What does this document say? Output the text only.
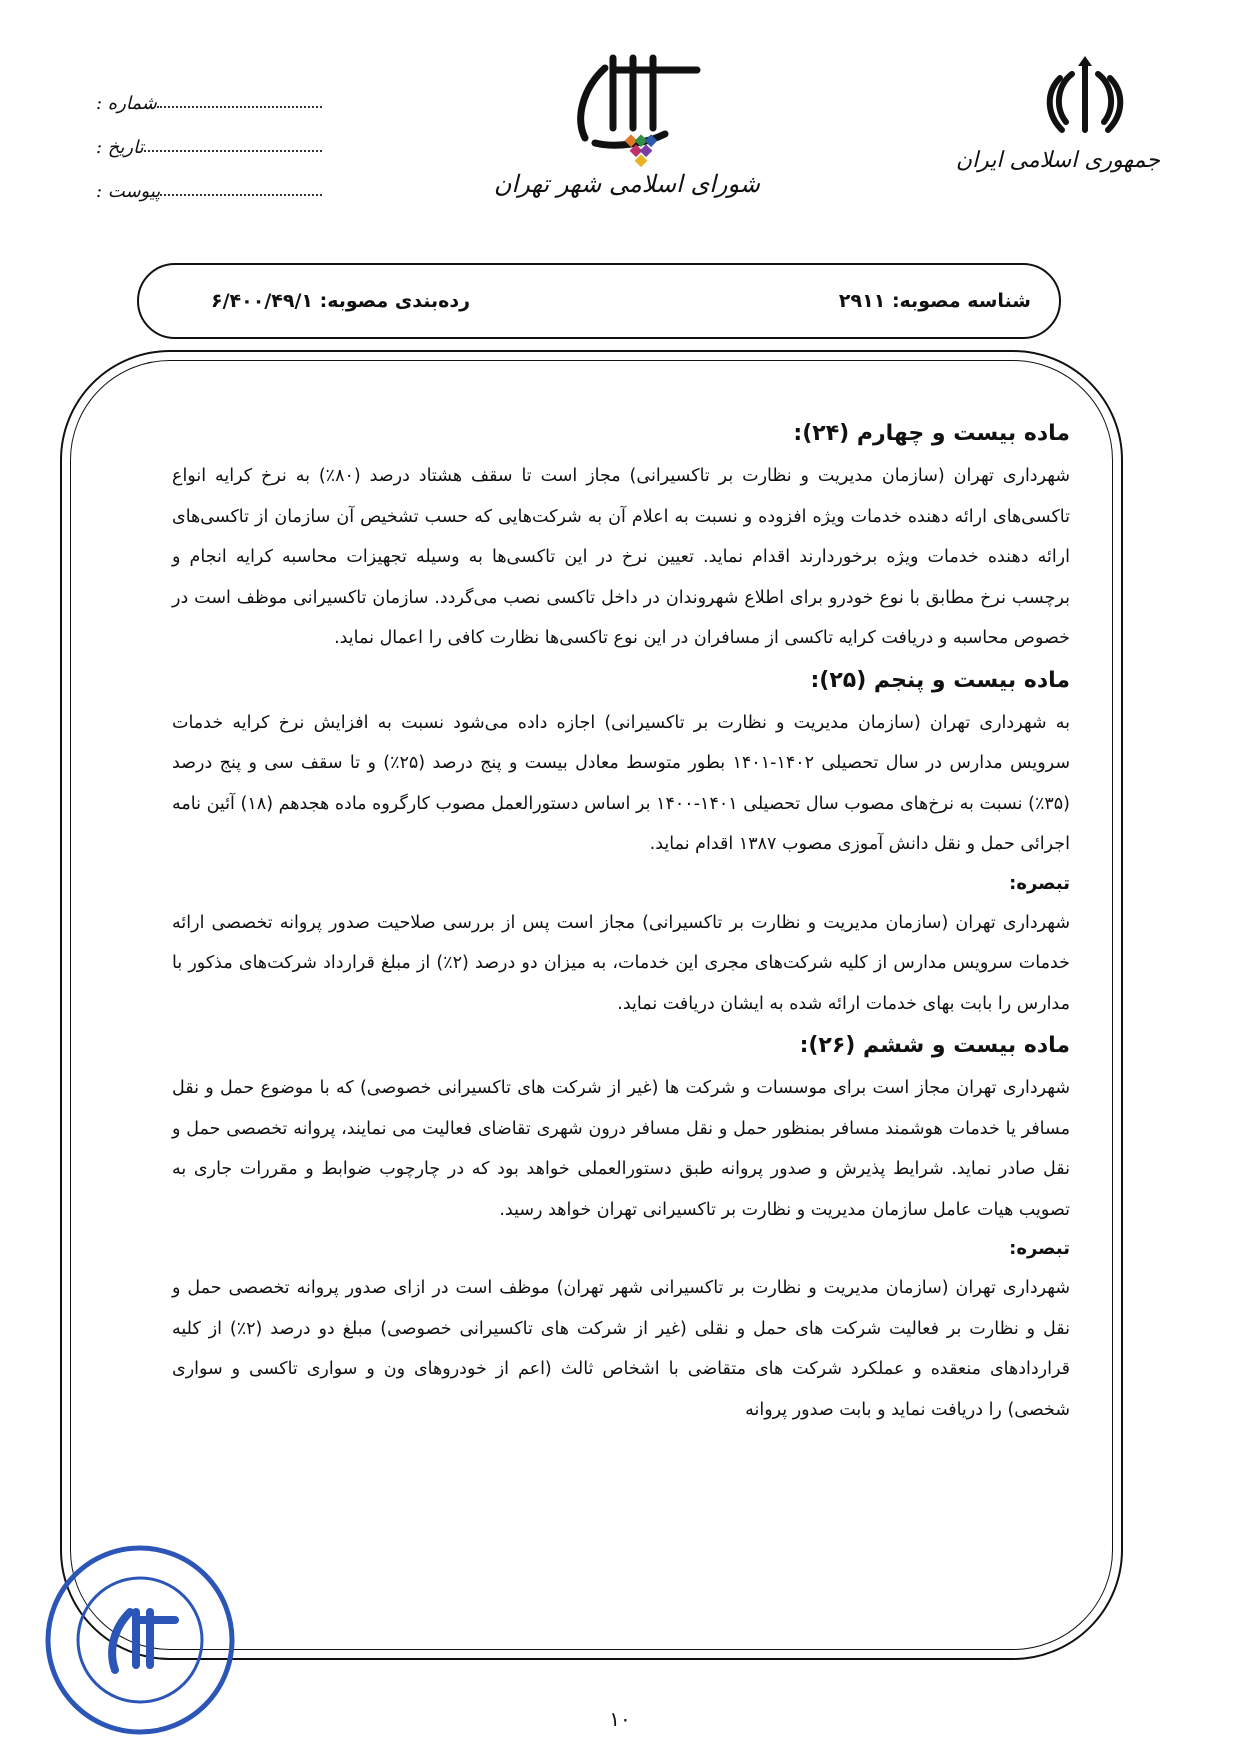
جمهوری اسلامی ایران
شورای اسلامی شهر تهران
شماره :
تاریخ :
پیوست :
شناسه مصوبه: ۲۹۱۱
رده‌بندی مصوبه: ۶/۴۰۰/۴۹/۱

ماده بیست و چهارم (۲۴):

شهرداری تهران (سازمان مدیریت و نظارت بر تاکسیرانی) مجاز است تا سقف هشتاد درصد (۸۰٪) به نرخ کرایه انواع تاکسی‌های ارائه دهنده خدمات ویژه افزوده و نسبت به اعلام آن به شرکت‌هایی که حسب تشخیص آن سازمان از تاکسی‌های ارائه دهنده خدمات ویژه برخوردارند اقدام نماید. تعیین نرخ در این تاکسی‌ها به وسیله تجهیزات محاسبه کرایه انجام و برچسب نرخ مطابق با نوع خودرو برای اطلاع شهروندان در داخل تاکسی نصب می‌گردد. سازمان تاکسیرانی موظف است در خصوص محاسبه و دریافت کرایه تاکسی از مسافران در این نوع تاکسی‌ها نظارت کافی را اعمال نماید.

ماده بیست و پنجم (۲۵):

به شهرداری تهران (سازمان مدیریت و نظارت بر تاکسیرانی) اجازه داده می‌شود نسبت به افزایش نرخ کرایه خدمات سرویس مدارس در سال تحصیلی ۱۴۰۲-۱۴۰۱ بطور متوسط معادل بیست و پنج درصد (۲۵٪) و تا سقف سی و پنج درصد (۳۵٪) نسبت به نرخ‌های مصوب سال تحصیلی ۱۴۰۱-۱۴۰۰ بر اساس دستورالعمل مصوب کارگروه ماده هجدهم (۱۸) آئین نامه اجرائی حمل و نقل دانش آموزی مصوب ۱۳۸۷ اقدام نماید.

تبصره:

شهرداری تهران (سازمان مدیریت و نظارت بر تاکسیرانی) مجاز است پس از بررسی صلاحیت صدور پروانه تخصصی ارائه خدمات سرویس مدارس از کلیه شرکت‌های مجری این خدمات، به میزان دو درصد (۲٪) از مبلغ قرارداد شرکت‌های مذکور با مدارس را بابت بهای خدمات ارائه شده به ایشان دریافت نماید.

ماده بیست و ششم (۲۶):

شهرداری تهران مجاز است برای موسسات و شرکت ها (غیر از شرکت های تاکسیرانی خصوصی) که با موضوع حمل و نقل مسافر یا خدمات هوشمند مسافر بمنظور حمل و نقل مسافر درون شهری تقاضای فعالیت می نمایند، پروانه تخصصی حمل و نقل صادر نماید. شرایط پذیرش و صدور پروانه طبق دستورالعملی خواهد بود که در چارچوب ضوابط و مقررات جاری به تصویب هیات عامل سازمان مدیریت و نظارت بر تاکسیرانی تهران خواهد رسید.

تبصره:

شهرداری تهران (سازمان مدیریت و نظارت بر تاکسیرانی شهر تهران) موظف است در ازای صدور پروانه تخصصی حمل و نقل و نظارت بر فعالیت شرکت های حمل و نقلی (غیر از شرکت های تاکسیرانی خصوصی) مبلغ دو درصد (۲٪) از کلیه قراردادهای منعقده و عملکرد شرکت های متقاضی با اشخاص ثالث (اعم از خودروهای ون و سواری تاکسی و سواری شخصی) را دریافت نماید و بابت صدور پروانه

۱۰
